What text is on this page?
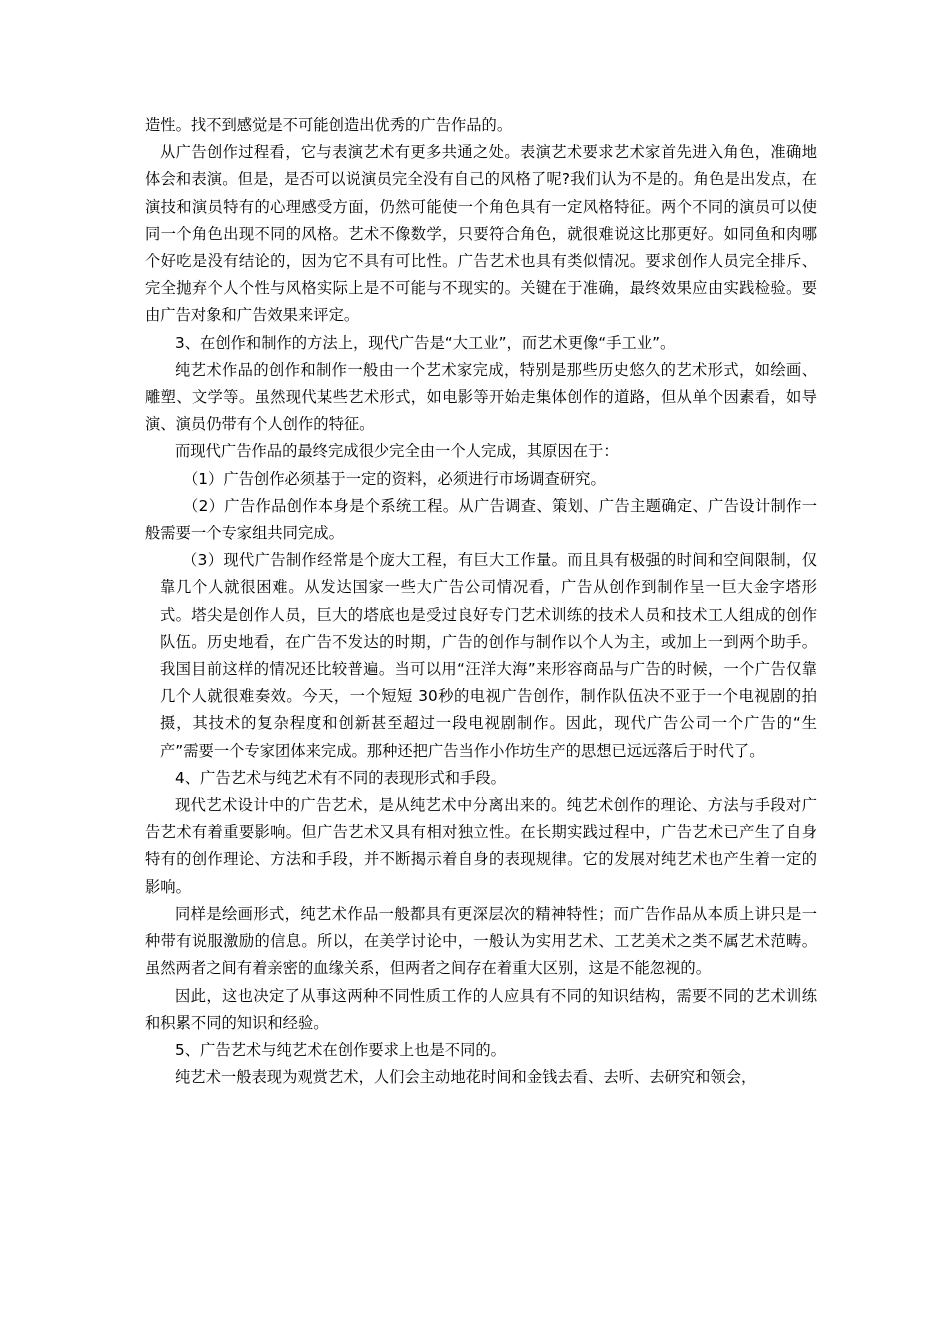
造性。找不到感觉是不可能创造出优秀的广告作品的。

从广告创作过程看，它与表演艺术有更多共通之处。表演艺术要求艺术家首先进入角色，准确地体会和表演。但是，是否可以说演员完全没有自己的风格了呢?我们认为不是的。角色是出发点，在演技和演员特有的心理感受方面，仍然可能使一个角色具有一定风格特征。两个不同的演员可以使同一个角色出现不同的风格。艺术不像数学，只要符合角色，就很难说这比那更好。如同鱼和肉哪个好吃是没有结论的，因为它不具有可比性。广告艺术也具有类似情况。要求创作人员完全排斥、完全抛弃个人个性与风格实际上是不可能与不现实的。关键在于准确，最终效果应由实践检验。要由广告对象和广告效果来评定。

3、在创作和制作的方法上，现代广告是“大工业”，而艺术更像“手工业”。

纯艺术作品的创作和制作一般由一个艺术家完成，特别是那些历史悠久的艺术形式，如绘画、雕塑、文学等。虽然现代某些艺术形式，如电影等开始走集体创作的道路，但从单个因素看，如导演、演员仍带有个人创作的特征。

而现代广告作品的最终完成很少完全由一个人完成，其原因在于：

（1）广告创作必须基于一定的资料，必须进行市场调查研究。

（2）广告作品创作本身是个系统工程。从广告调查、策划、广告主题确定、广告设计制作一般需要一个专家组共同完成。

（3）现代广告制作经常是个庞大工程，有巨大工作量。而且具有极强的时间和空间限制，仅靠几个人就很困难。从发达国家一些大广告公司情况看，广告从创作到制作呈一巨大金字塔形式。塔尖是创作人员，巨大的塔底也是受过良好专门艺术训练的技术人员和技术工人组成的创作队伍。历史地看，在广告不发达的时期，广告的创作与制作以个人为主，或加上一到两个助手。我国目前这样的情况还比较普遍。当可以用“汪洋大海”来形容商品与广告的时候，一个广告仅靠几个人就很难奏效。今天，一个短短 30秒的电视广告创作，制作队伍决不亚于一个电视剧的拍摄，其技术的复杂程度和创新甚至超过一段电视剧制作。因此，现代广告公司一个广告的“生产”需要一个专家团体来完成。那种还把广告当作小作坊生产的思想已远远落后于时代了。

4、广告艺术与纯艺术有不同的表现形式和手段。

现代艺术设计中的广告艺术，是从纯艺术中分离出来的。纯艺术创作的理论、方法与手段对广告艺术有着重要影响。但广告艺术又具有相对独立性。在长期实践过程中，广告艺术已产生了自身特有的创作理论、方法和手段，并不断揭示着自身的表现规律。它的发展对纯艺术也产生着一定的影响。

同样是绘画形式，纯艺术作品一般都具有更深层次的精神特性；而广告作品从本质上讲只是一种带有说服激励的信息。所以，在美学讨论中，一般认为实用艺术、工艺美术之类不属艺术范畴。虽然两者之间有着亲密的血缘关系，但两者之间存在着重大区别，这是不能忽视的。

因此，这也决定了从事这两种不同性质工作的人应具有不同的知识结构，需要不同的艺术训练和积累不同的知识和经验。

5、广告艺术与纯艺术在创作要求上也是不同的。

纯艺术一般表现为观赏艺术，人们会主动地花时间和金钱去看、去听、去研究和领会，
